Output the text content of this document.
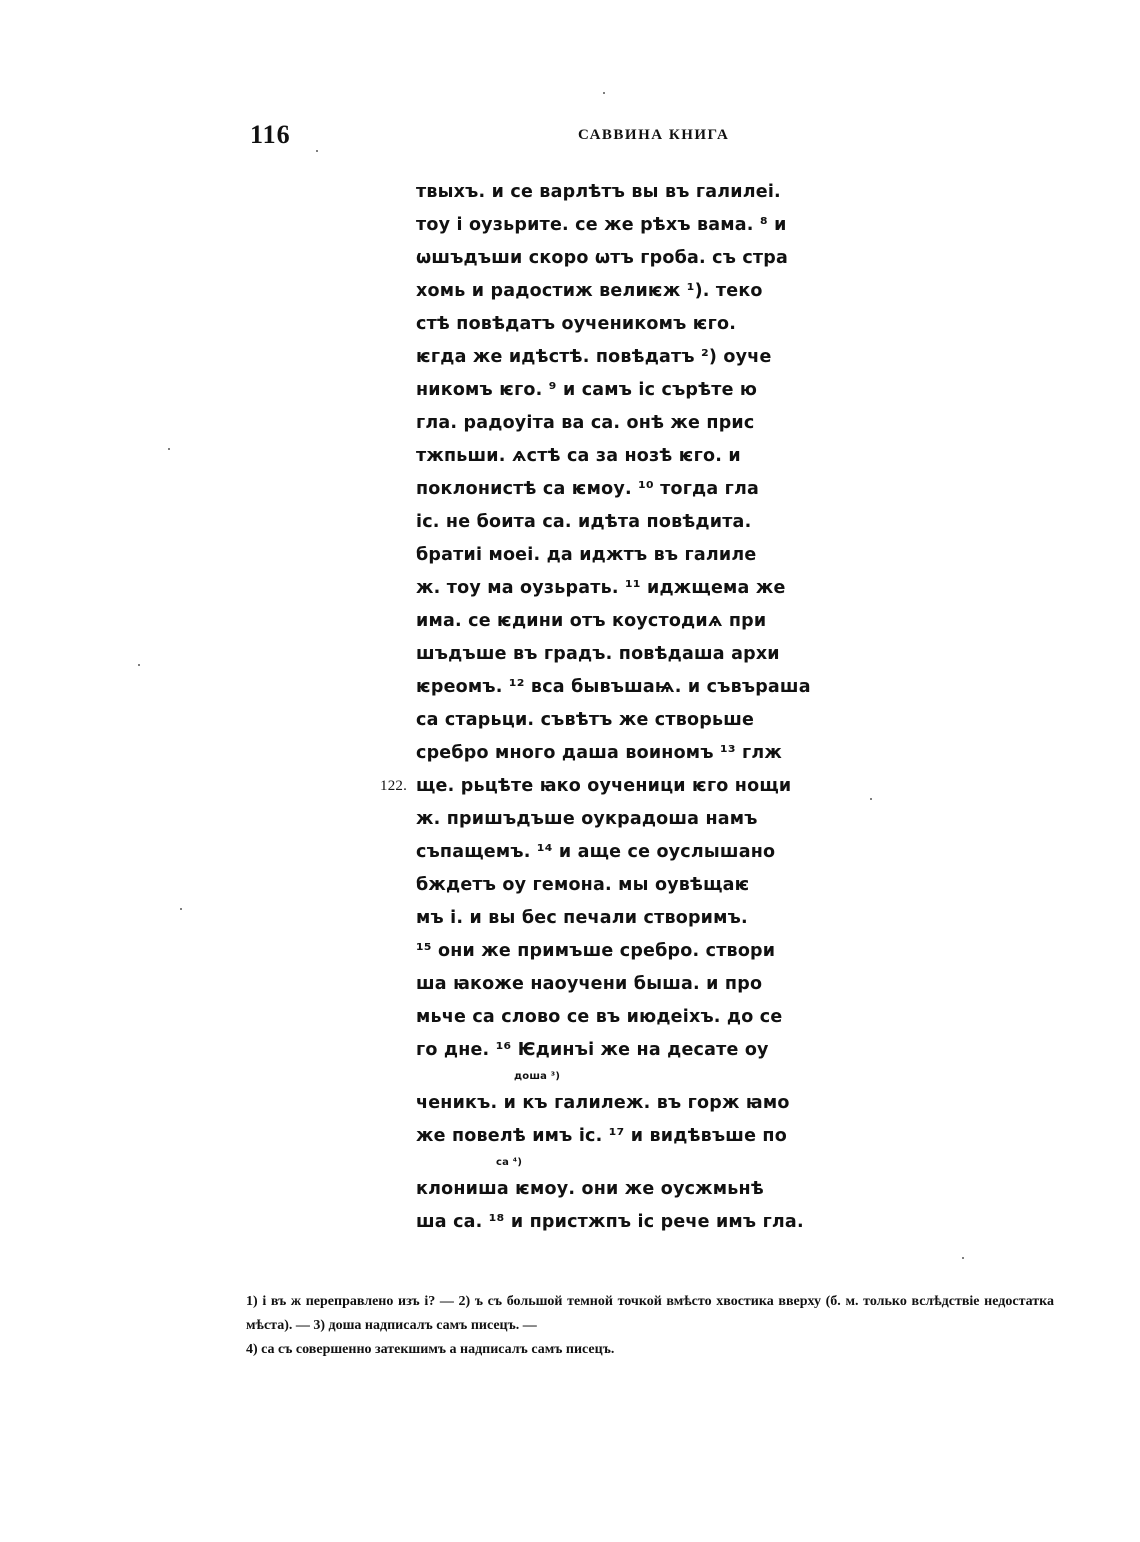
116	САВВИНА КНИГА
твыхъ. и се варлѣтъ вы въ галилеі.
тоу і оузьрите. се же рѣхъ вама. ⁸ и
ѡшъдъши скоро ѡтъ гроба. съ стра
хомь и радостиж велиѥж ¹). теко
стѣ повѣдатъ оученикомъ ѥго.
ѥгда же идѣстѣ. повѣдатъ ²) оуче
никомъ ѥго. ⁹ и самъ іс сърѣте ю
гла. радоуіта ва са. онѣ же прис
тжпьши. ѧстѣ са за нозѣ ѥго. и
поклонистѣ са ѥмоу. ¹⁰ тогда гла
іс. не боита са. идѣта повѣдита.
братиі моеі. да иджтъ въ галиле
ж. тоу ма оузьрать. ¹¹ иджщема же
има. се ѥдини отъ коустодиѧ при
шъдъше въ градъ. повѣдаша архи
ѥреомъ. ¹² вса бывъшаѩ. и съвъраша
са старьци. съвѣтъ же створьше
сребро много даша воиномъ ¹³ глж
122. ще. рьцѣте ꙗко оученици ѥго нощи
ж. пришъдъше оукрадоша намъ
съпащемъ. ¹⁴ и аще се оуслышано
бждетъ оу гемона. мы оувѣщаѥ
мъ і. и вы бес печали створимъ.
¹⁵ они же примъше сребро. створи
ша ꙗкоже наоучени быша. и про
мьче са слово се въ июдеіхъ. до се
го дне. ¹⁶ Ѥдинъі же на десате оу
доша ³)
ченикъ. и къ галилеж. въ горж ꙗмо
же повелѣ имъ іс. ¹⁷ и видѣвъше по
са ⁴)
клониша ѥмоу. они же оусжмьнѣ
ша са. ¹⁸ и пристжпъ іс рече имъ гла.

1) і въ ж переправлено изъ і? — 2) ъ съ большой темной точкой вмѣсто хвостика вверху (б. м. только вслѣдствіе недостатка мѣста). — 3) доша надписалъ самъ писецъ. —

4) са съ совершенно затекшимъ а надписалъ самъ писецъ.
